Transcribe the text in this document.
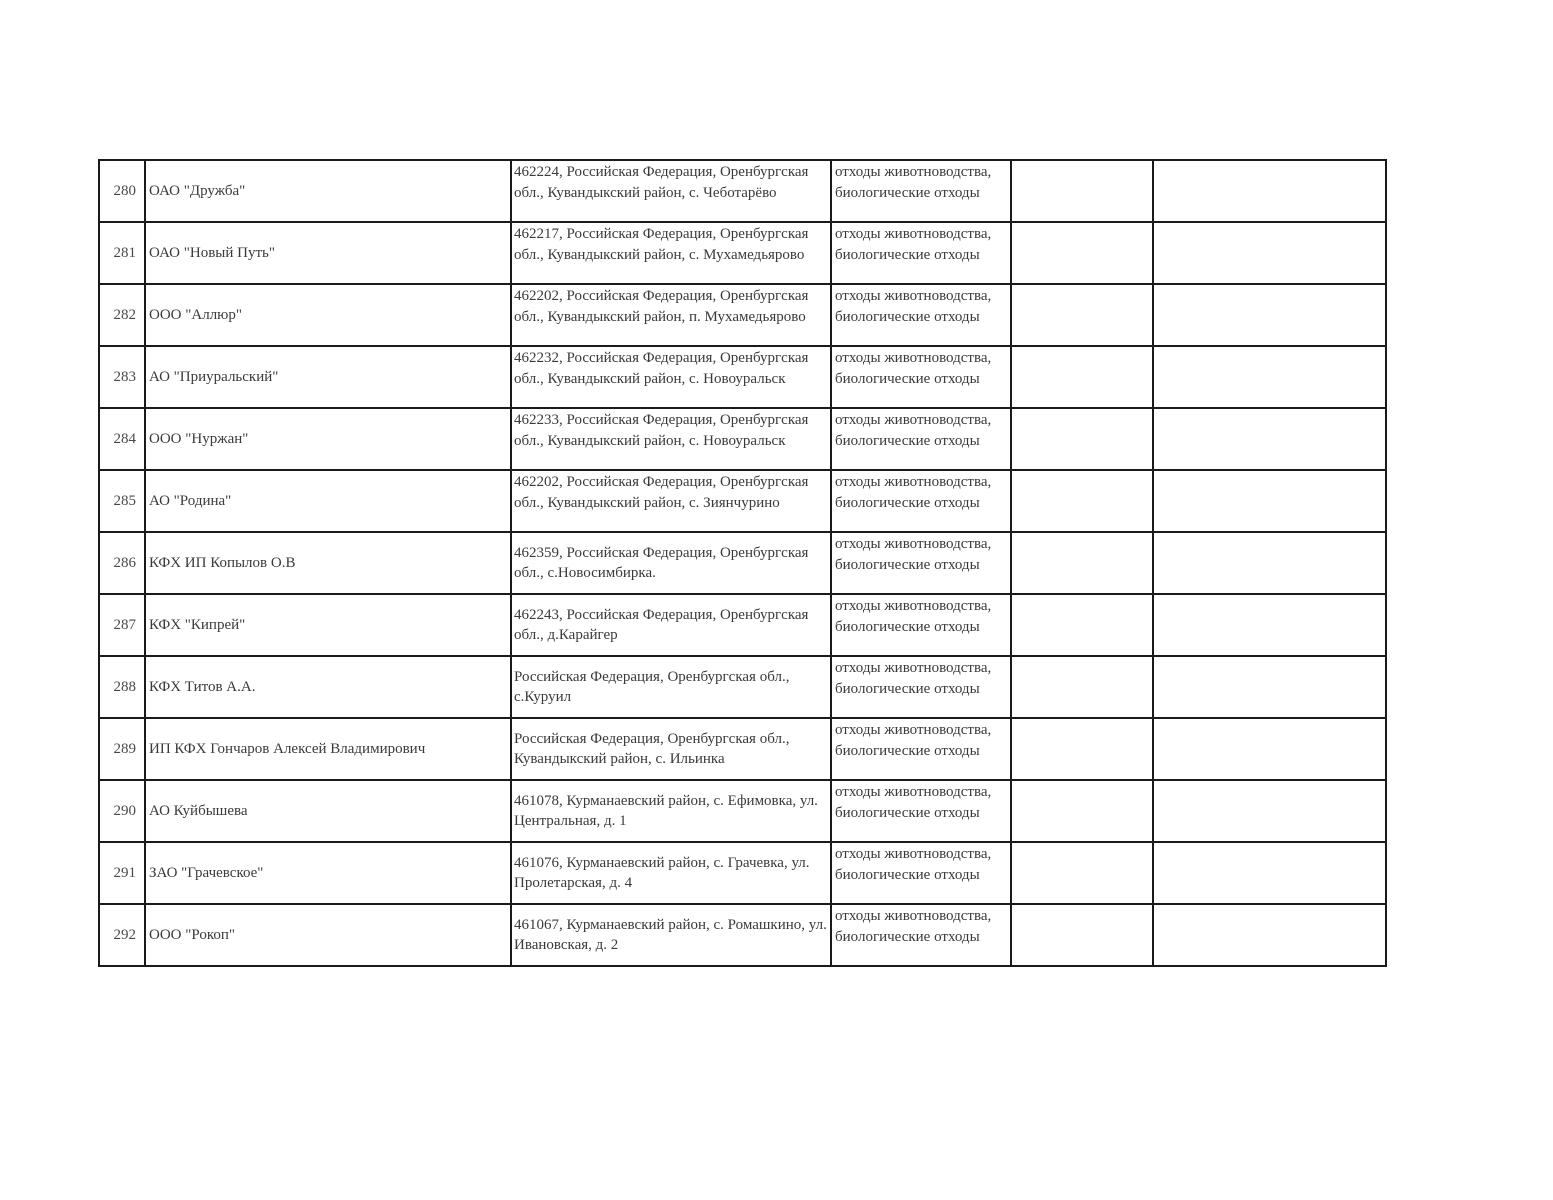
280	ОАО "Дружба"	462224, Российская Федерация, Оренбургская обл., Кувандыкский район, с. Чеботарёво	отходы животноводства, биологические отходы		
281	ОАО "Новый Путь"	462217, Российская Федерация, Оренбургская обл., Кувандыкский район, с. Мухамедьярово	отходы животноводства, биологические отходы		
282	ООО "Аллюр"	462202, Российская Федерация, Оренбургская обл., Кувандыкский район, п. Мухамедьярово	отходы животноводства, биологические отходы		
283	АО "Приуральский"	462232, Российская Федерация, Оренбургская обл., Кувандыкский район, с. Новоуральск	отходы животноводства, биологические отходы		
284	ООО "Нуржан"	462233, Российская Федерация, Оренбургская обл., Кувандыкский район, с. Новоуральск	отходы животноводства, биологические отходы		
285	АО "Родина"	462202, Российская Федерация, Оренбургская обл., Кувандыкский район, с. Зиянчурино	отходы животноводства, биологические отходы		
286	КФХ ИП Копылов О.В	462359, Российская Федерация, Оренбургская обл., с.Новосимбирка.	отходы животноводства, биологические отходы		
287	КФХ "Кипрей"	462243, Российская Федерация, Оренбургская обл., д.Карайгер	отходы животноводства, биологические отходы		
288	КФХ Титов А.А.	Российская Федерация, Оренбургская обл., с.Куруил	отходы животноводства, биологические отходы		
289	ИП КФХ Гончаров Алексей Владимирович	Российская Федерация, Оренбургская обл., Кувандыкский район, с. Ильинка	отходы животноводства, биологические отходы		
290	АО Куйбышева	461078, Курманаевский район, с. Ефимовка, ул. Центральная, д. 1	отходы животноводства, биологические отходы		
291	ЗАО "Грачевское"	461076, Курманаевский район, с. Грачевка, ул. Пролетарская, д. 4	отходы животноводства, биологические отходы		
292	ООО "Рокоп"	461067, Курманаевский район, с. Ромашкино, ул. Ивановская, д. 2	отходы животноводства, биологические отходы		
